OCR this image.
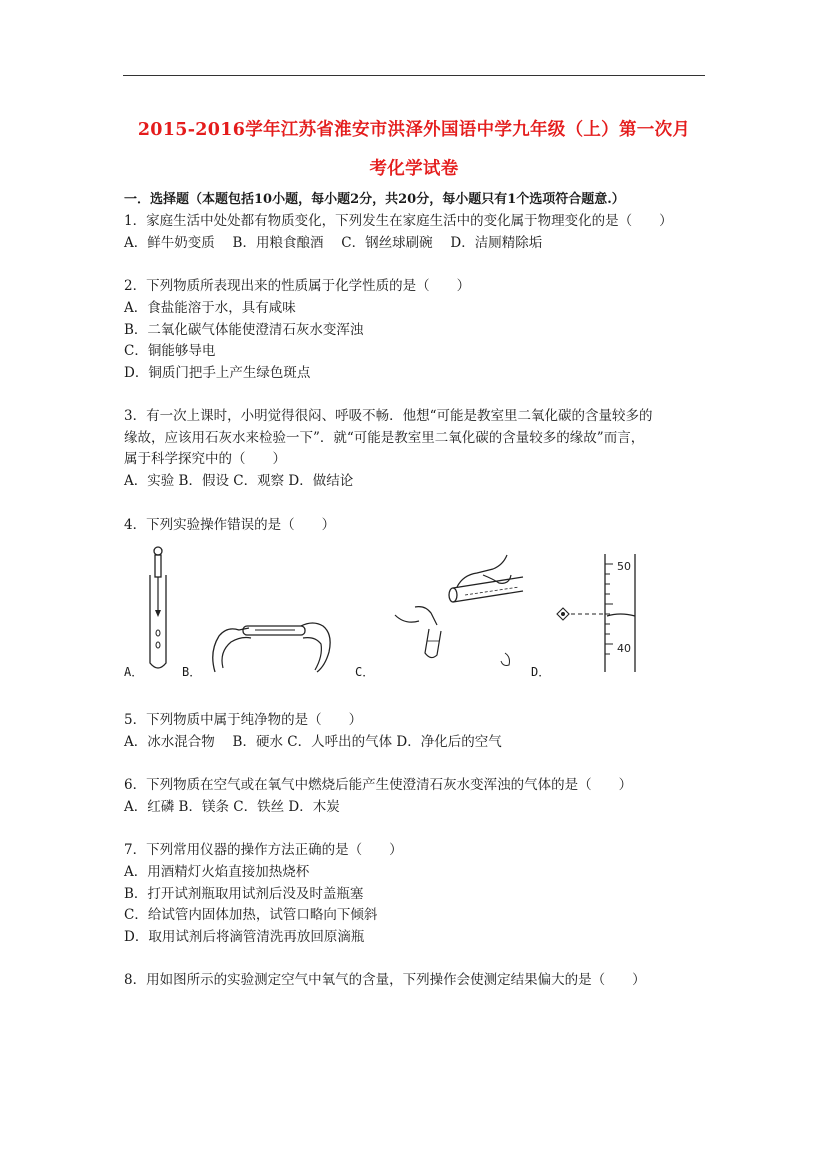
2015-2016学年江苏省淮安市洪泽外国语中学九年级（上）第一次月
考化学试卷
一．选择题（本题包括10小题，每小题2分，共20分，每小题只有1个选项符合题意.）
1．家庭生活中处处都有物质变化，下列发生在家庭生活中的变化属于物理变化的是（　　）
A．鲜牛奶变质　 B．用粮食酿酒　 C．钢丝球刷碗　 D．洁厕精除垢
2．下列物质所表现出来的性质属于化学性质的是（　　）
A．食盐能溶于水，具有咸味
B．二氧化碳气体能使澄清石灰水变浑浊
C．铜能够导电
D．铜质门把手上产生绿色斑点
3．有一次上课时，小明觉得很闷、呼吸不畅．他想“可能是教室里二氧化碳的含量较多的
缘故，应该用石灰水来检验一下”．就“可能是教室里二氧化碳的含量较多的缘故”而言，
属于科学探究中的（　　）
A．实验 B．假设 C．观察 D．做结论
4．下列实验操作错误的是（　　）
A．	B．	C．	D．
50
40
5．下列物质中属于纯净物的是（　　）
A．冰水混合物　 B．硬水 C．人呼出的气体 D．净化后的空气
6．下列物质在空气或在氧气中燃烧后能产生使澄清石灰水变浑浊的气体的是（　　）
A．红磷 B．镁条 C．铁丝 D．木炭
7．下列常用仪器的操作方法正确的是（　　）
A．用酒精灯火焰直接加热烧杯
B．打开试剂瓶取用试剂后没及时盖瓶塞
C．给试管内固体加热，试管口略向下倾斜
D．取用试剂后将滴管清洗再放回原滴瓶
8．用如图所示的实验测定空气中氧气的含量，下列操作会使测定结果偏大的是（　　）
